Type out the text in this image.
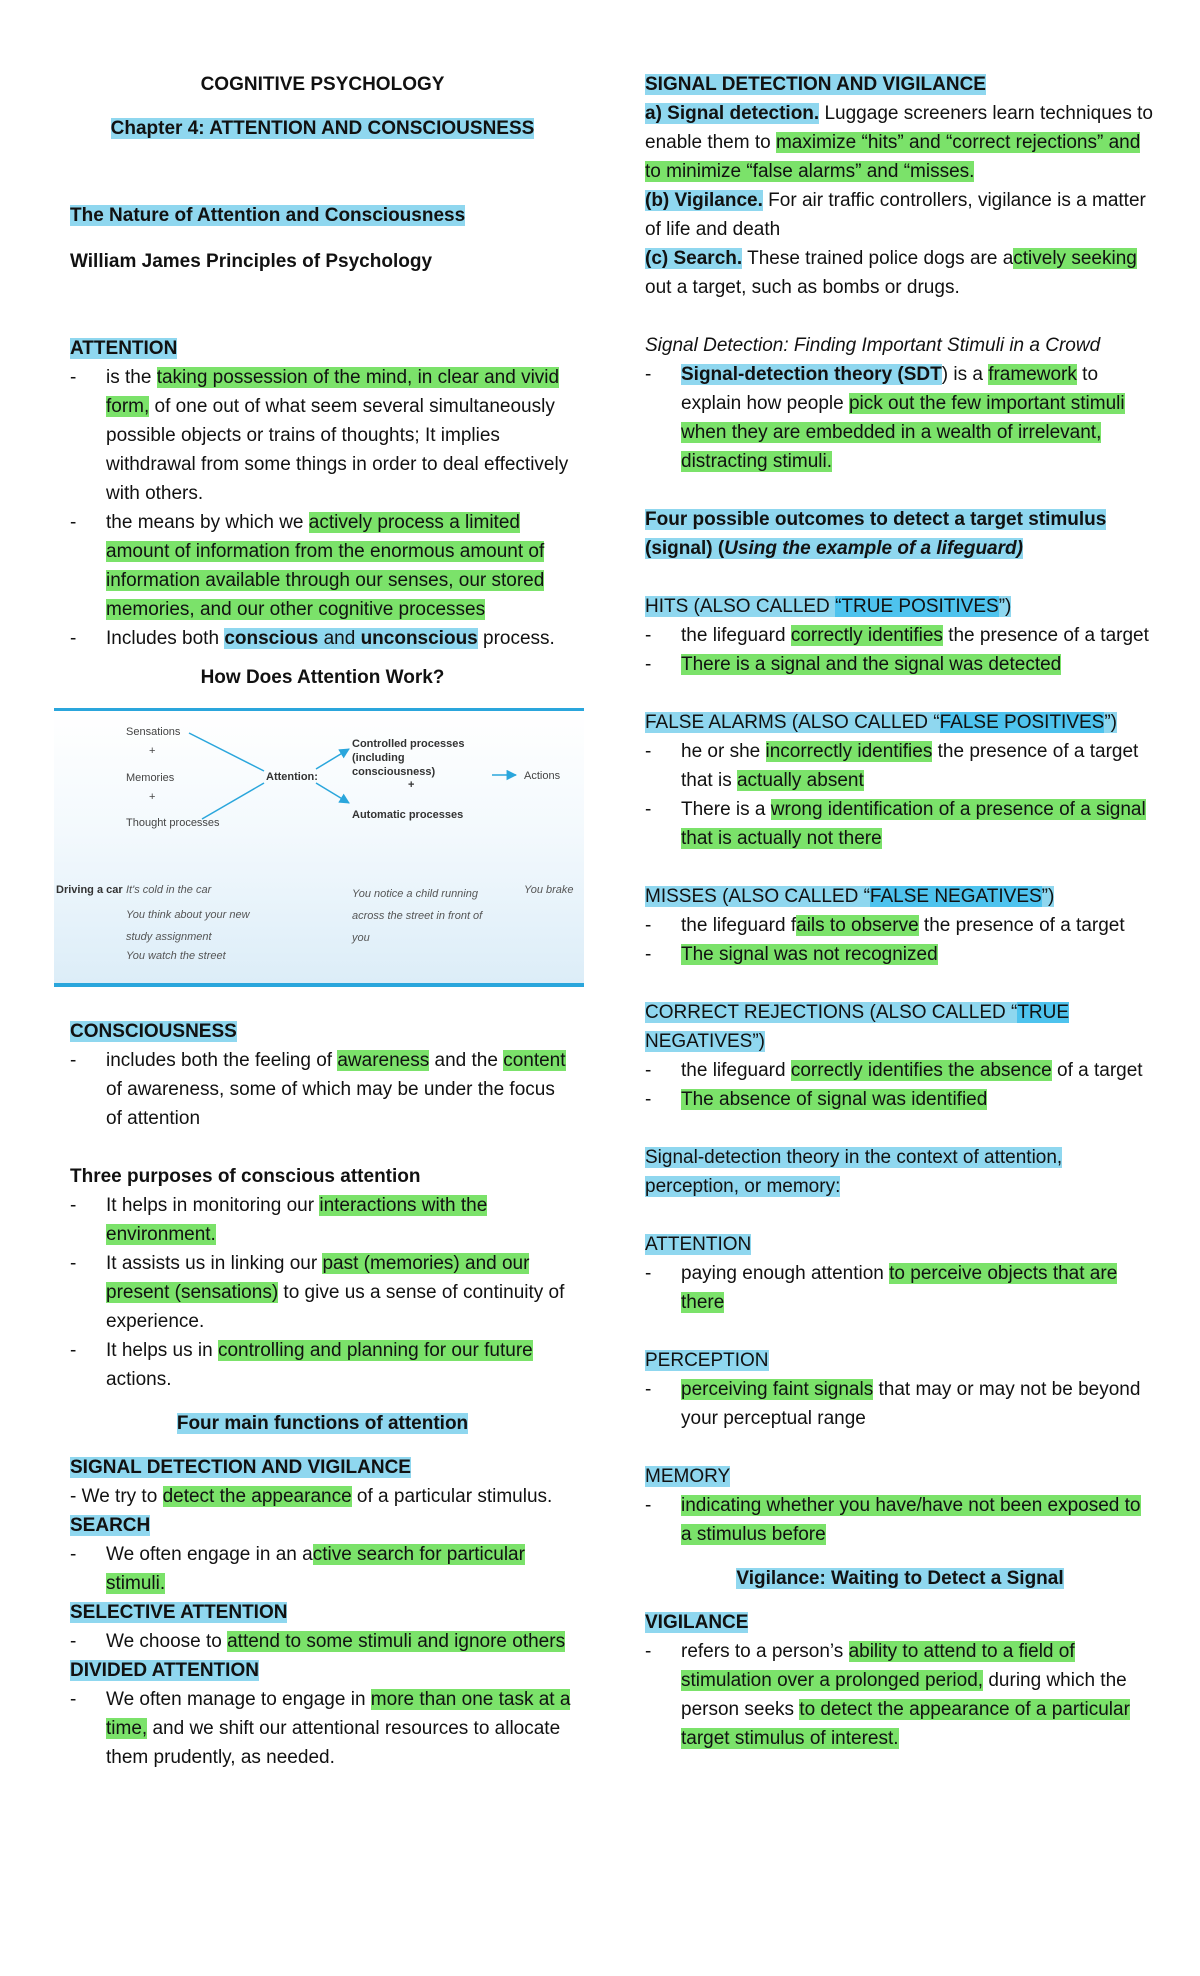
COGNITIVE PSYCHOLOGY

Chapter 4: ATTENTION AND CONSCIOUSNESS

The Nature of Attention and Consciousness

William James Principles of Psychology

ATTENTION

- is the taking possession of the mind, in clear and vivid form, of one out of what seem several simultaneously possible objects or trains of thoughts; It implies withdrawal from some things in order to deal effectively with others.

- the means by which we actively process a limited amount of information from the enormous amount of information available through our senses, our stored memories, and our other cognitive processes

- Includes both conscious and unconscious process.

How Does Attention Work?

Sensations
+
Memories
+
Thought processes
Attention:
Controlled processes (including consciousness)
+
Automatic processes
Actions
Driving a car It's cold in the car
You think about your new study assignment
You watch the street
You notice a child running across the street in front of you
You brake

CONSCIOUSNESS

- includes both the feeling of awareness and the content of awareness, some of which may be under the focus of attention

Three purposes of conscious attention

- It helps in monitoring our interactions with the environment.

- It assists us in linking our past (memories) and our present (sensations) to give us a sense of continuity of experience.

- It helps us in controlling and planning for our future actions.

Four main functions of attention

SIGNAL DETECTION AND VIGILANCE

- We try to detect the appearance of a particular stimulus.

SEARCH

- We often engage in an active search for particular stimuli.

SELECTIVE ATTENTION

- We choose to attend to some stimuli and ignore others

DIVIDED ATTENTION

- We often manage to engage in more than one task at a time, and we shift our attentional resources to allocate them prudently, as needed.

SIGNAL DETECTION AND VIGILANCE

a) Signal detection. Luggage screeners learn techniques to enable them to maximize “hits” and “correct rejections” and to minimize “false alarms” and “misses.

(b) Vigilance. For air traffic controllers, vigilance is a matter of life and death

(c) Search. These trained police dogs are actively seeking out a target, such as bombs or drugs.

Signal Detection: Finding Important Stimuli in a Crowd

- Signal-detection theory (SDT) is a framework to explain how people pick out the few important stimuli when they are embedded in a wealth of irrelevant, distracting stimuli.

Four possible outcomes to detect a target stimulus (signal) (Using the example of a lifeguard)

HITS (ALSO CALLED “TRUE POSITIVES”)

- the lifeguard correctly identifies the presence of a target

- There is a signal and the signal was detected

FALSE ALARMS (ALSO CALLED “FALSE POSITIVES”)

- he or she incorrectly identifies the presence of a target that is actually absent

- There is a wrong identification of a presence of a signal that is actually not there

MISSES (ALSO CALLED “FALSE NEGATIVES”)

- the lifeguard fails to observe the presence of a target

- The signal was not recognized

CORRECT REJECTIONS (ALSO CALLED “TRUE NEGATIVES”)

- the lifeguard correctly identifies the absence of a target

- The absence of signal was identified

Signal-detection theory in the context of attention, perception, or memory:

ATTENTION

- paying enough attention to perceive objects that are there

PERCEPTION

- perceiving faint signals that may or may not be beyond your perceptual range

MEMORY

- indicating whether you have/have not been exposed to a stimulus before

Vigilance: Waiting to Detect a Signal

VIGILANCE

- refers to a person’s ability to attend to a field of stimulation over a prolonged period, during which the person seeks to detect the appearance of a particular target stimulus of interest.
